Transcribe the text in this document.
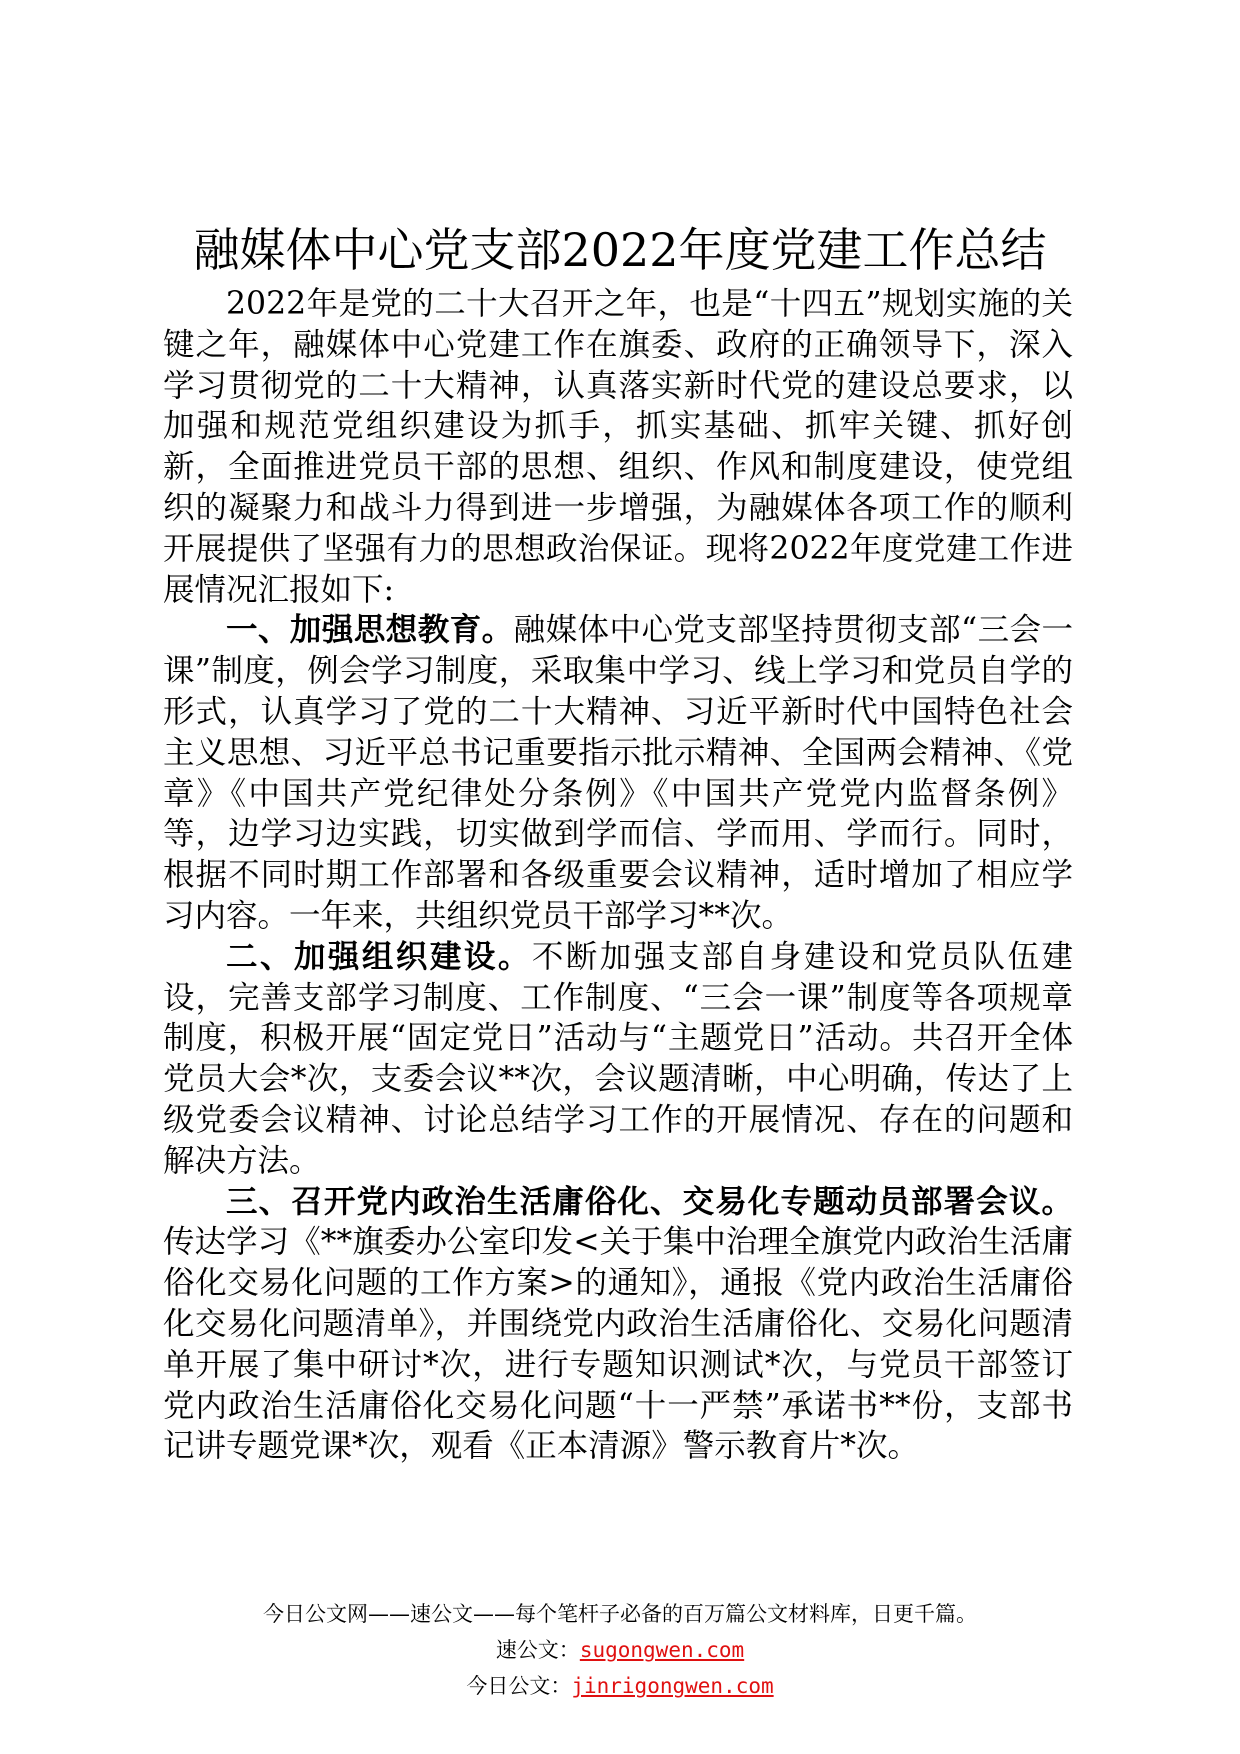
融媒体中心党支部2022年度党建工作总结

2022年是党的二十大召开之年，也是“十四五”规划实施的关键之年，融媒体中心党建工作在旗委、政府的正确领导下，深入学习贯彻党的二十大精神，认真落实新时代党的建设总要求，以加强和规范党组织建设为抓手，抓实基础、抓牢关键、抓好创新，全面推进党员干部的思想、组织、作风和制度建设，使党组织的凝聚力和战斗力得到进一步增强，为融媒体各项工作的顺利开展提供了坚强有力的思想政治保证。现将2022年度党建工作进展情况汇报如下:

一、加强思想教育。融媒体中心党支部坚持贯彻支部“三会一课”制度，例会学习制度，采取集中学习、线上学习和党员自学的形式，认真学习了党的二十大精神、习近平新时代中国特色社会主义思想、习近平总书记重要指示批示精神、全国两会精神、《党章》《中国共产党纪律处分条例》《中国共产党党内监督条例》等，边学习边实践，切实做到学而信、学而用、学而行。同时，根据不同时期工作部署和各级重要会议精神，适时增加了相应学习内容。一年来，共组织党员干部学习**次。

二、加强组织建设。不断加强支部自身建设和党员队伍建设，完善支部学习制度、工作制度、“三会一课”制度等各项规章制度，积极开展“固定党日”活动与“主题党日”活动。共召开全体党员大会*次，支委会议**次，会议题清晰，中心明确，传达了上级党委会议精神、讨论总结学习工作的开展情况、存在的问题和解决方法。

三、召开党内政治生活庸俗化、交易化专题动员部署会议。传达学习《**旗委办公室印发<关于集中治理全旗党内政治生活庸俗化交易化问题的工作方案>的通知》，通报《党内政治生活庸俗化交易化问题清单》，并围绕党内政治生活庸俗化、交易化问题清单开展了集中研讨*次，进行专题知识测试*次，与党员干部签订党内政治生活庸俗化交易化问题“十一严禁”承诺书**份，支部书记讲专题党课*次，观看《正本清源》警示教育片*次。

今日公文网——速公文——每个笔杆子必备的百万篇公文材料库，日更千篇。
速公文：sugongwen.com
今日公文：jinrigongwen.com
